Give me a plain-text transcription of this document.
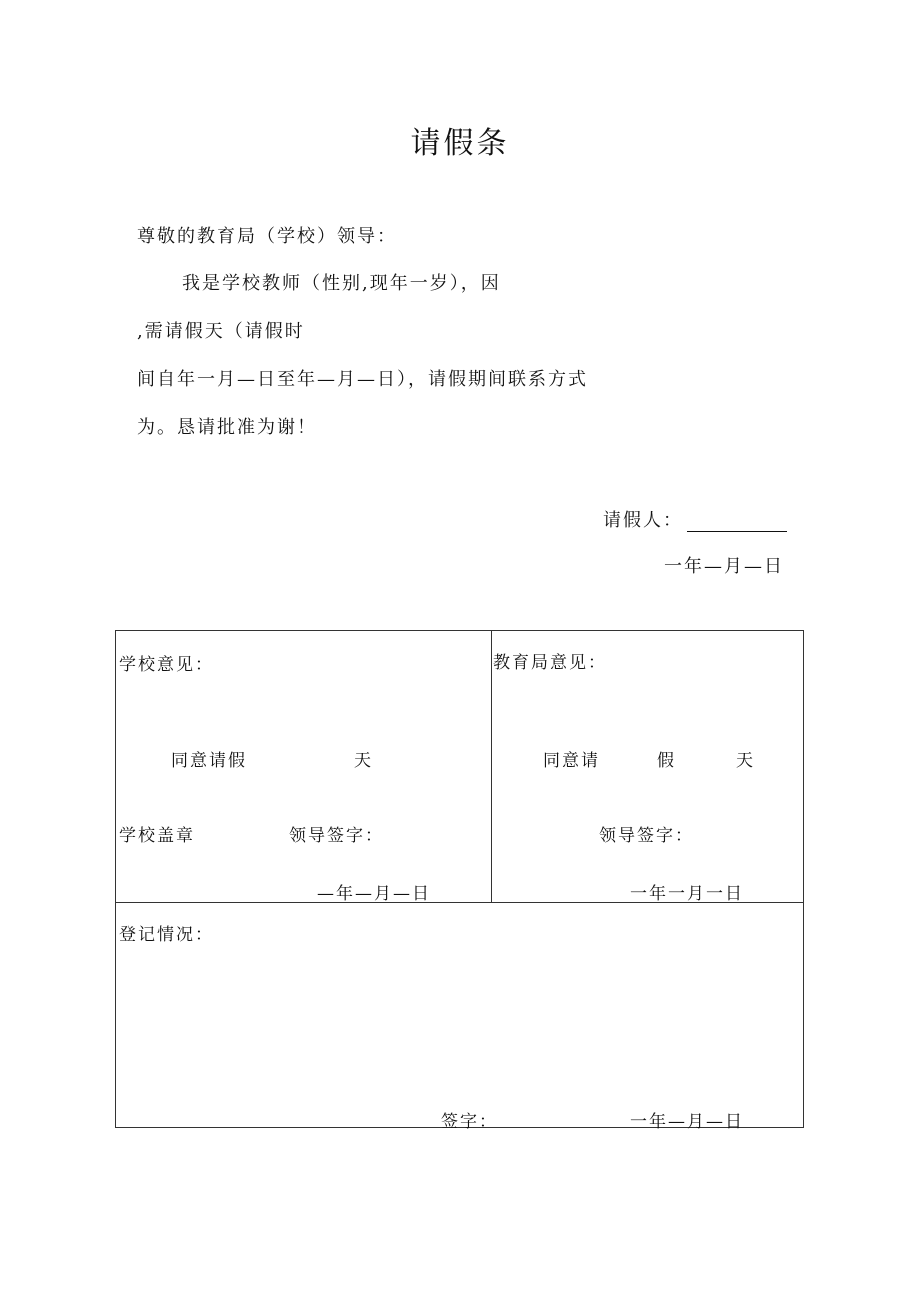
请假条
尊敬的教育局（学校）领导：
我是学校教师（性别,现年一岁），因
,需请假天（请假时
间自年一月—日至年—月—日），请假期间联系方式
为。恳请批准为谢！
请假人：
一年—月—日
学校意见：
同意请假	天
学校盖章	领导签字：
—年—月—日
教育局意见：
同意请	假	天
领导签字：
一年一月一日
登记情况：
签字：	一年—月—日
